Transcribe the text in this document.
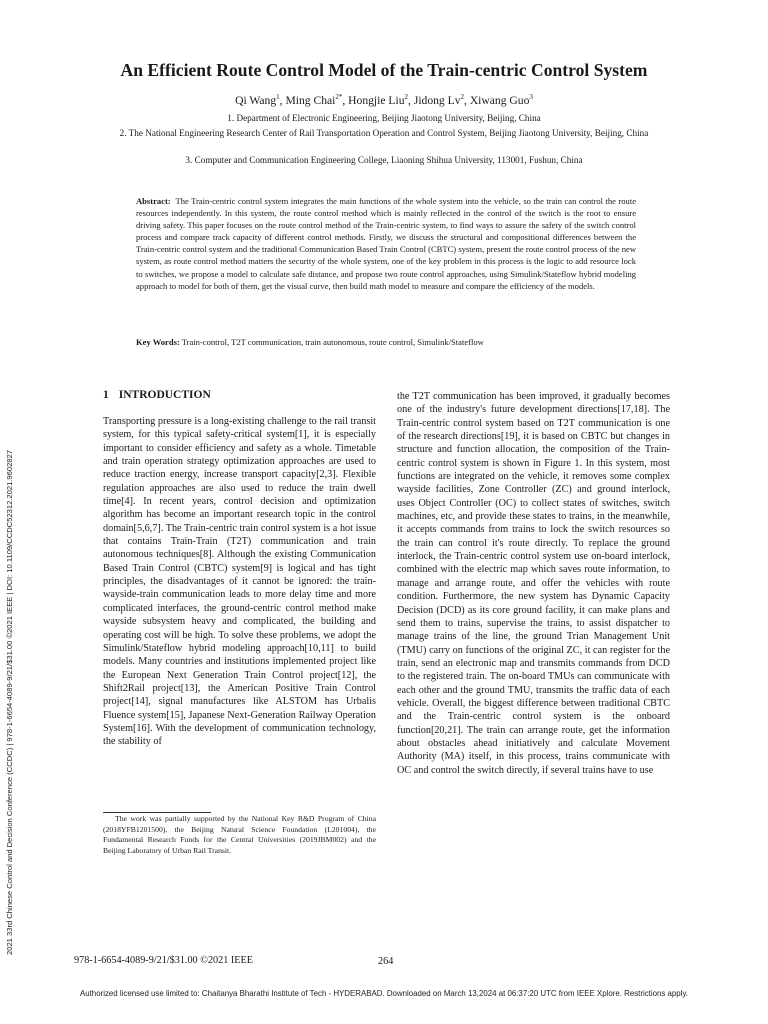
2021 33rd Chinese Control and Decision Conference (CCDC) | 978-1-6654-4089-9/21/$31.00 ©2021 IEEE | DOI: 10.1109/CCDC52312.2021.9602827
An Efficient Route Control Model of the Train-centric Control System
Qi Wang$^1$, Ming Chai$^{2*}$, Hongjie Liu$^2$, Jidong Lv$^2$, Xiwang Guo$^3$
1. Department of Electronic Engineering, Beijing Jiaotong University, Beijing, China
2. The National Engineering Research Center of Rail Transportation Operation and Control System, Beijing Jiaotong University, Beijing, China
3. Computer and Communication Engineering College, Liaoning Shihua University, 113001, Fushun, China

Abstract: The Train-centric control system integrates the main functions of the whole system into the vehicle, so the train can control the route resources independently. In this system, the route control method which is mainly reflected in the control of the switch is the root to ensure driving safety. This paper focuses on the route control method of the Train-centric system, to find ways to assure the safety of the switch control process and compare track capacity of different control methods. Firstly, we discuss the structural and compositional differences between the Train-centric control system and the traditional Communication Based Train Control (CBTC) system, present the route control process of the new system, as route control method matters the security of the whole system, one of the key problem in this process is the logic to add resource lock to switches, we propose a model to calculate safe distance, and propose two route control approaches, using Simulink/Stateflow hybrid modeling approach to model for both of them, get the visual curve, then build math model to measure and compare the efficiency of the models.

Key Words: Train-control, T2T communication, train autonomous, route control, Simulink/Stateflow

1 INTRODUCTION

Transporting pressure is a long-existing challenge to the rail transit system, for this typical safety-critical system[1], it is especially important to consider efficiency and safety as a whole. Timetable and train operation strategy optimization approaches are used to reduce traction energy, increase transport capacity[2,3]. Flexible regulation approaches are also used to reduce the train dwell time[4]. In recent years, control decision and optimization algorithm has become an important research topic in the control domain[5,6,7]. The Train-centric train control system is a hot issue that contains Train-Train (T2T) communication and train autonomous techniques[8]. Although the existing Communication Based Train Control (CBTC) system[9] is logical and has tight principles, the disadvantages of it cannot be ignored: the train-wayside-train communication leads to more delay time and more complicated interfaces, the ground-centric control method make wayside subsystem heavy and complicated, the building and operating cost will be high. To solve these problems, we adopt the Simulink/Stateflow hybrid modeling approach[10,11] to build models. Many countries and institutions implemented project like the European Next Generation Train Control project[12], the Shift2Rail project[13], the American Positive Train Control project[14], signal manufactures like ALSTOM has Urbalis Fluence system[15], Japanese Next-Generation Railway Operation System[16]. With the development of communication technology, the stability of

the T2T communication has been improved, it gradually becomes one of the industry's future development directions[17,18]. The Train-centric control system based on T2T communication is one of the research directions[19], it is based on CBTC but changes in structure and function allocation, the composition of the Train-centric control system is shown in Figure 1. In this system, most functions are integrated on the vehicle, it removes some complex wayside facilities, Zone Controller (ZC) and ground interlock, uses Object Controller (OC) to collect states of switches, switch machines, etc, and provide these states to trains, in the meanwhile, it accepts commands from trains to lock the switch resources so the train can control it's route directly. To replace the ground interlock, the Train-centric control system use on-board interlock, combined with the electric map which saves route information, to manage and arrange route, and offer the vehicles with route condition. Furthermore, the new system has Dynamic Capacity Decision (DCD) as its core ground facility, it can make plans and send them to trains, supervise the trains, to assist dispatcher to manage trains of the line, the ground Trian Management Unit (TMU) carry on functions of the original ZC, it can register for the train, send an electronic map and transmits commands from DCD to the registered train. The on-board TMUs can communicate with each other and the ground TMU, transmits the traffic data of each vehicle. Overall, the biggest difference between traditional CBTC and the Train-centric control system is the onboard function[20,21]. The train can arrange route, get the information about obstacles ahead initiatively and calculate Movement Authority (MA) itself, in this process, trains communicate with OC and control the switch directly, if several trains have to use

The work was partially supported by the National Key R&D Program of China (2018YFB1201500), the Beijing Natural Science Foundation (L201004), the Fundamental Research Funds for the Central Universities (2019JBM002) and the Beijing Laboratory of Urban Rail Transit.

978-1-6654-4089-9/21/$31.00 ©2021 IEEE	264
Authorized licensed use limited to: Chaitanya Bharathi Institute of Tech - HYDERABAD. Downloaded on March 13,2024 at 06:37:20 UTC from IEEE Xplore. Restrictions apply.
